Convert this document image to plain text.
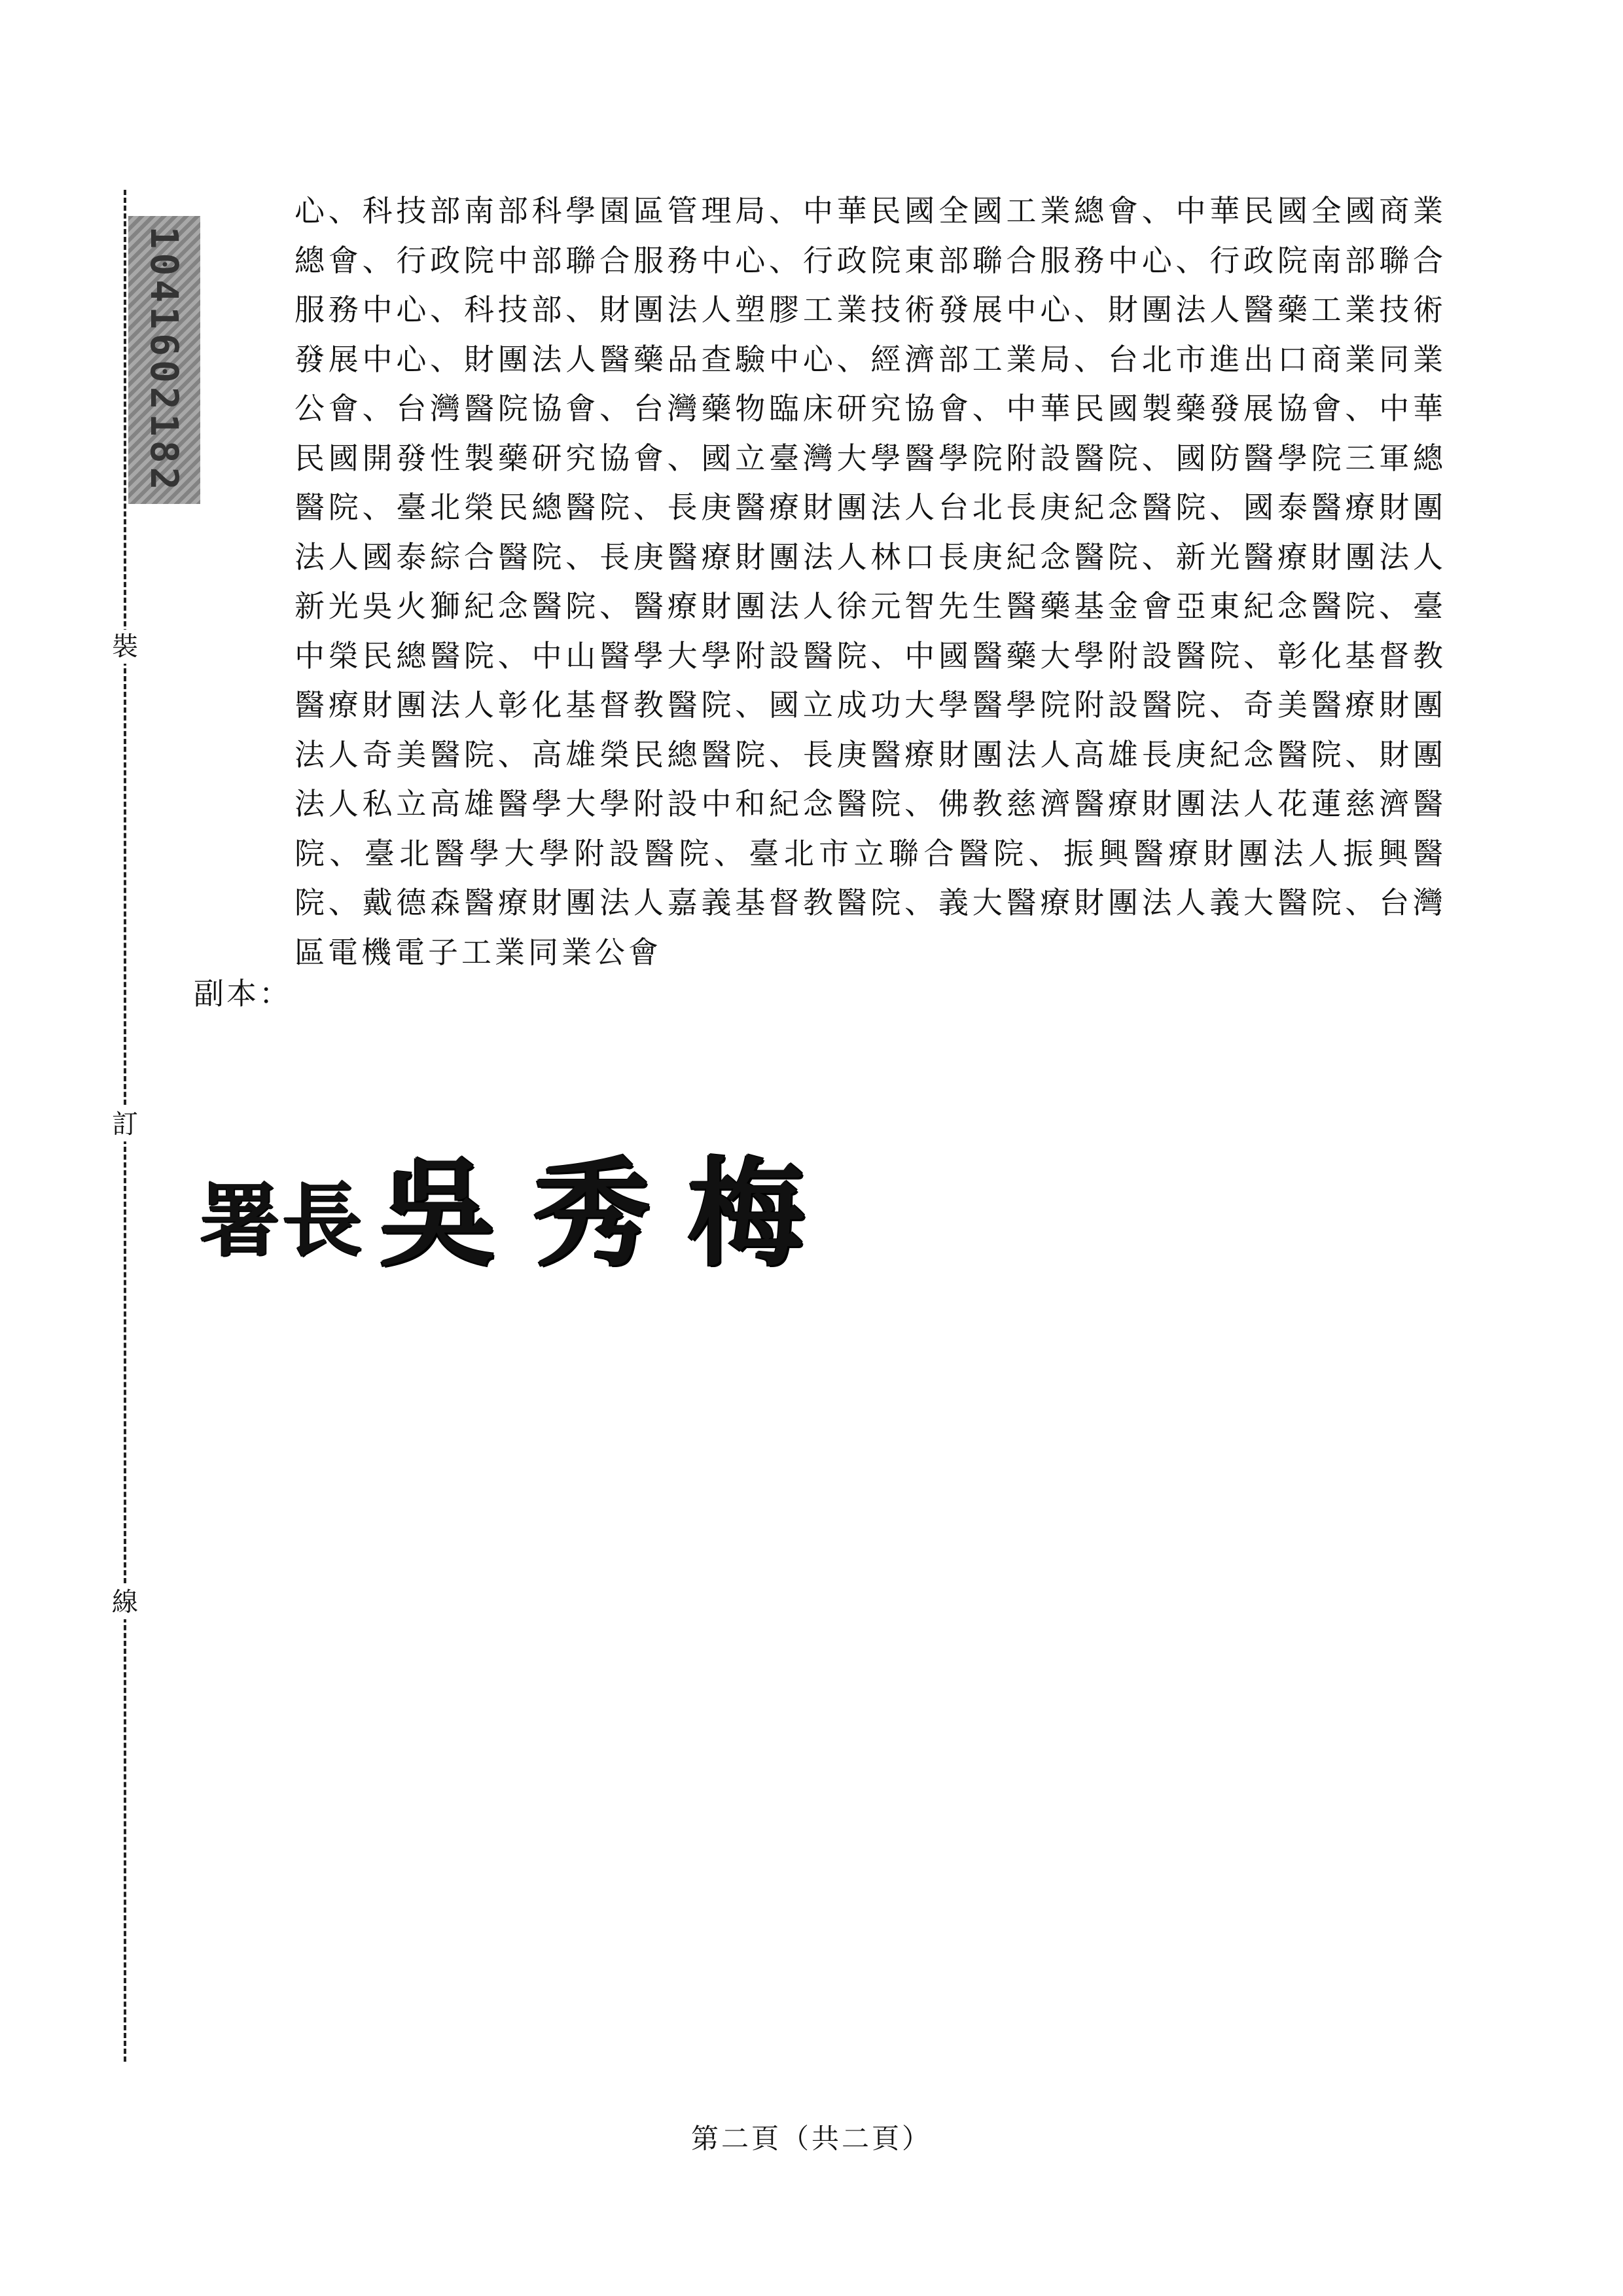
裝
訂
線
1041602182
心、科技部南部科學園區管理局、中華民國全國工業總會、中華民國全國商業總會、行政院中部聯合服務中心、行政院東部聯合服務中心、行政院南部聯合服務中心、科技部、財團法人塑膠工業技術發展中心、財團法人醫藥工業技術發展中心、財團法人醫藥品查驗中心、經濟部工業局、台北市進出口商業同業公會、台灣醫院協會、台灣藥物臨床研究協會、中華民國製藥發展協會、中華民國開發性製藥研究協會、國立臺灣大學醫學院附設醫院、國防醫學院三軍總醫院、臺北榮民總醫院、長庚醫療財團法人台北長庚紀念醫院、國泰醫療財團法人國泰綜合醫院、長庚醫療財團法人林口長庚紀念醫院、新光醫療財團法人新光吳火獅紀念醫院、醫療財團法人徐元智先生醫藥基金會亞東紀念醫院、臺中榮民總醫院、中山醫學大學附設醫院、中國醫藥大學附設醫院、彰化基督教醫療財團法人彰化基督教醫院、國立成功大學醫學院附設醫院、奇美醫療財團法人奇美醫院、高雄榮民總醫院、長庚醫療財團法人高雄長庚紀念醫院、財團法人私立高雄醫學大學附設中和紀念醫院、佛教慈濟醫療財團法人花蓮慈濟醫院、臺北醫學大學附設醫院、臺北市立聯合醫院、振興醫療財團法人振興醫院、戴德森醫療財團法人嘉義基督教醫院、義大醫療財團法人義大醫院、台灣區電機電子工業同業公會
副本：
署長 吳秀梅
第二頁（共二頁）
